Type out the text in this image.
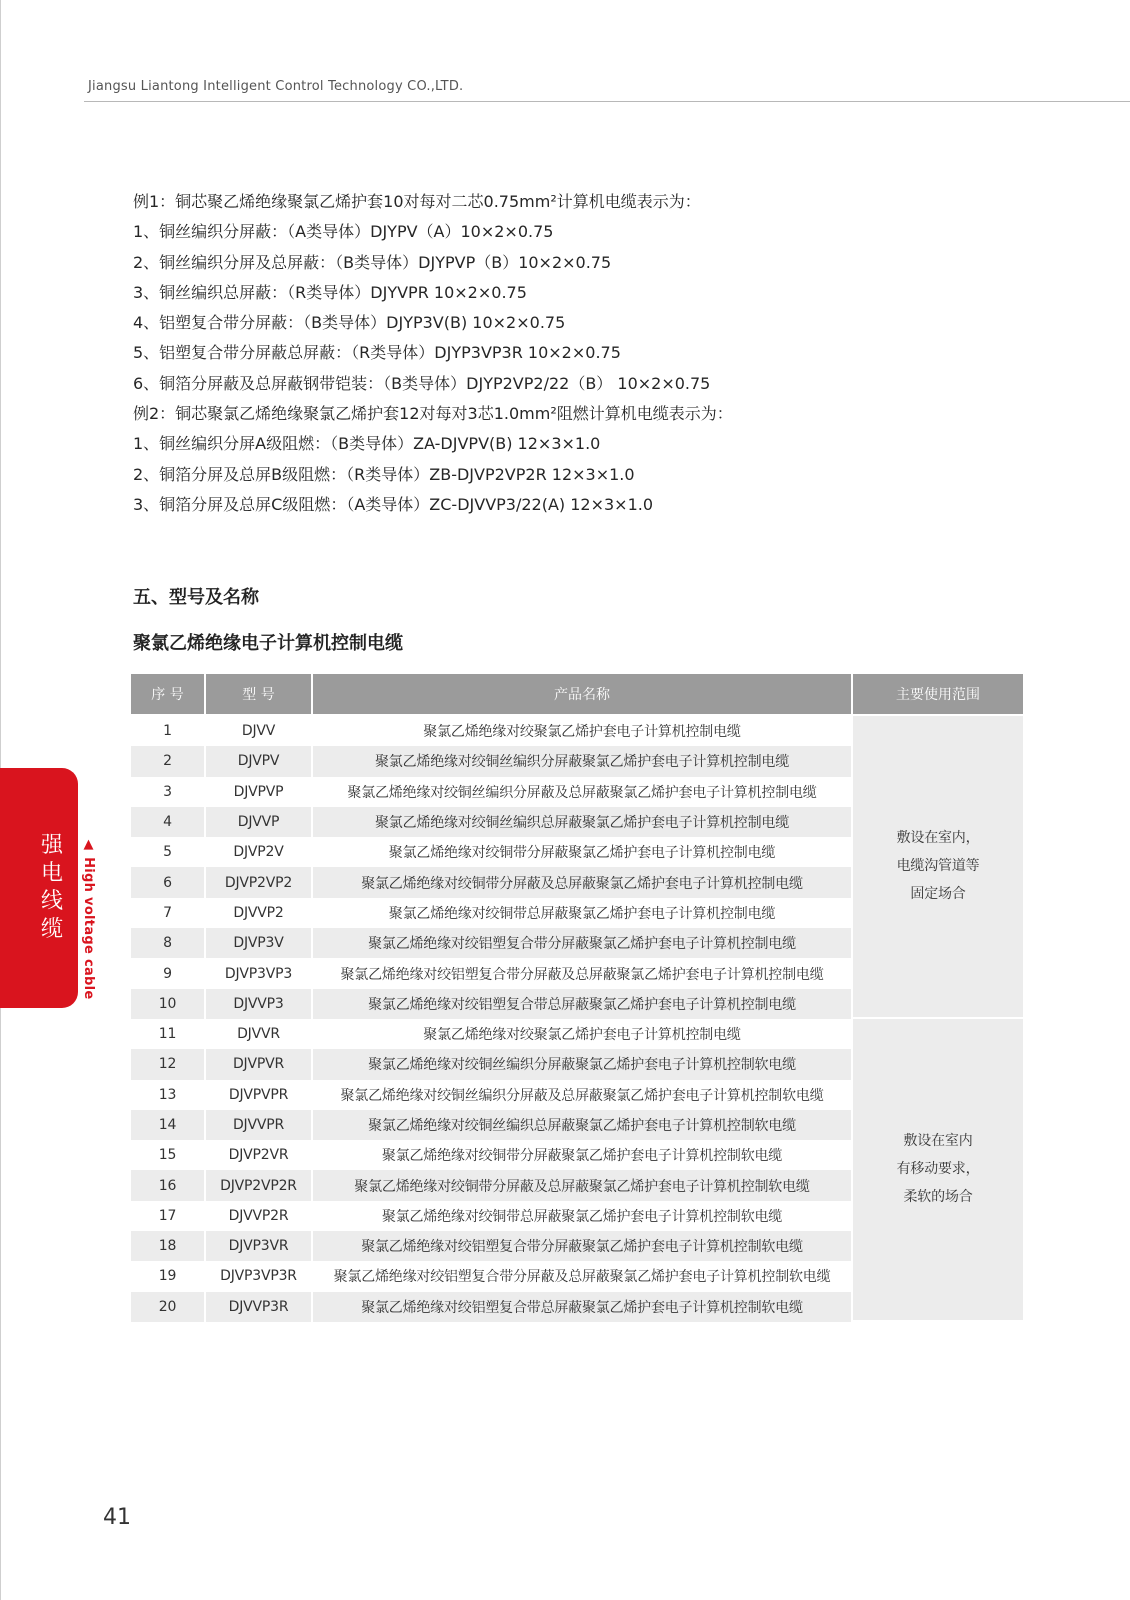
Jiangsu Liantong Intelligent Control Technology CO.,LTD.
例1：铜芯聚乙烯绝缘聚氯乙烯护套10对每对二芯0.75mm²计算机电缆表示为：
1、铜丝编织分屏蔽：（A类导体）DJYPV（A）10×2×0.75
2、铜丝编织分屏及总屏蔽：（B类导体）DJYPVP（B）10×2×0.75
3、铜丝编织总屏蔽：（R类导体）DJYVPR 10×2×0.75
4、铝塑复合带分屏蔽：（B类导体）DJYP3V(B) 10×2×0.75
5、铝塑复合带分屏蔽总屏蔽：（R类导体）DJYP3VP3R 10×2×0.75
6、铜箔分屏蔽及总屏蔽钢带铠装：（B类导体）DJYP2VP2/22（B） 10×2×0.75
例2：铜芯聚氯乙烯绝缘聚氯乙烯护套12对每对3芯1.0mm²阻燃计算机电缆表示为：
1、铜丝编织分屏A级阻燃：（B类导体）ZA-DJVPV(B) 12×3×1.0
2、铜箔分屏及总屏B级阻燃：（R类导体）ZB-DJVP2VP2R 12×3×1.0
3、铜箔分屏及总屏C级阻燃：（A类导体）ZC-DJVVP3/22(A) 12×3×1.0
五、型号及名称
聚氯乙烯绝缘电子计算机控制电缆
序 号	型 号	产品名称	主要使用范围
1	DJVV	聚氯乙烯绝缘对绞聚氯乙烯护套电子计算机控制电缆	敷设在室内，
电缆沟管道等
固定场合

2	DJVPV	聚氯乙烯绝缘对绞铜丝编织分屏蔽聚氯乙烯护套电子计算机控制电缆	
3	DJVPVP	聚氯乙烯绝缘对绞铜丝编织分屏蔽及总屏蔽聚氯乙烯护套电子计算机控制电缆	
4	DJVVP	聚氯乙烯绝缘对绞铜丝编织总屏蔽聚氯乙烯护套电子计算机控制电缆	
5	DJVP2V	聚氯乙烯绝缘对绞铜带分屏蔽聚氯乙烯护套电子计算机控制电缆	
6	DJVP2VP2	聚氯乙烯绝缘对绞铜带分屏蔽及总屏蔽聚氯乙烯护套电子计算机控制电缆	
7	DJVVP2	聚氯乙烯绝缘对绞铜带总屏蔽聚氯乙烯护套电子计算机控制电缆	
8	DJVP3V	聚氯乙烯绝缘对绞铝塑复合带分屏蔽聚氯乙烯护套电子计算机控制电缆	
9	DJVP3VP3	聚氯乙烯绝缘对绞铝塑复合带分屏蔽及总屏蔽聚氯乙烯护套电子计算机控制电缆	
10	DJVVP3	聚氯乙烯绝缘对绞铝塑复合带总屏蔽聚氯乙烯护套电子计算机控制电缆	
11	DJVVR	聚氯乙烯绝缘对绞聚氯乙烯护套电子计算机控制电缆	敷设在室内
有移动要求，
柔软的场合

12	DJVPVR	聚氯乙烯绝缘对绞铜丝编织分屏蔽聚氯乙烯护套电子计算机控制软电缆	
13	DJVPVPR	聚氯乙烯绝缘对绞铜丝编织分屏蔽及总屏蔽聚氯乙烯护套电子计算机控制软电缆	
14	DJVVPR	聚氯乙烯绝缘对绞铜丝编织总屏蔽聚氯乙烯护套电子计算机控制软电缆	
15	DJVP2VR	聚氯乙烯绝缘对绞铜带分屏蔽聚氯乙烯护套电子计算机控制软电缆	
16	DJVP2VP2R	聚氯乙烯绝缘对绞铜带分屏蔽及总屏蔽聚氯乙烯护套电子计算机控制软电缆	
17	DJVVP2R	聚氯乙烯绝缘对绞铜带总屏蔽聚氯乙烯护套电子计算机控制软电缆	
18	DJVP3VR	聚氯乙烯绝缘对绞铝塑复合带分屏蔽聚氯乙烯护套电子计算机控制软电缆	
19	DJVP3VP3R	聚氯乙烯绝缘对绞铝塑复合带分屏蔽及总屏蔽聚氯乙烯护套电子计算机控制软电缆	
20	DJVVP3R	聚氯乙烯绝缘对绞铝塑复合带总屏蔽聚氯乙烯护套电子计算机控制软电缆	
强
电
线
缆 ▲ High voltage cable
41
